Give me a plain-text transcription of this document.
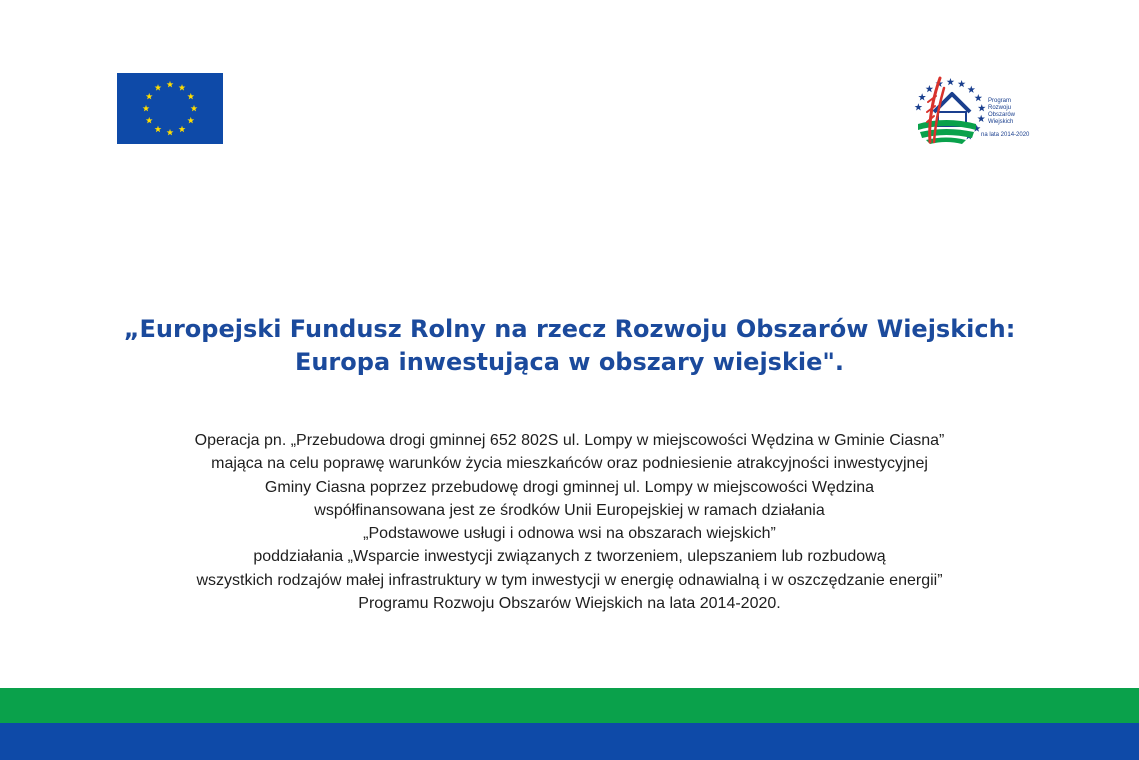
Program
Rozwoju
Obszarów
Wiejskich
na lata 2014-2020
„Europejski Fundusz Rolny na rzecz Rozwoju Obszarów Wiejskich:
Europa inwestująca w obszary wiejskie".
Operacja pn. „Przebudowa drogi gminnej 652 802S ul. Lompy w miejscowości Wędzina w Gminie Ciasna”
mająca na celu poprawę warunków życia mieszkańców oraz podniesienie atrakcyjności inwestycyjnej
Gminy Ciasna poprzez przebudowę drogi gminnej ul. Lompy w miejscowości Wędzina
współfinansowana jest ze środków Unii Europejskiej w ramach działania
„Podstawowe usługi i odnowa wsi na obszarach wiejskich”
poddziałania „Wsparcie inwestycji związanych z tworzeniem, ulepszaniem lub rozbudową
wszystkich rodzajów małej infrastruktury w tym inwestycji w energię odnawialną i w oszczędzanie energii”
Programu Rozwoju Obszarów Wiejskich na lata 2014-2020.
